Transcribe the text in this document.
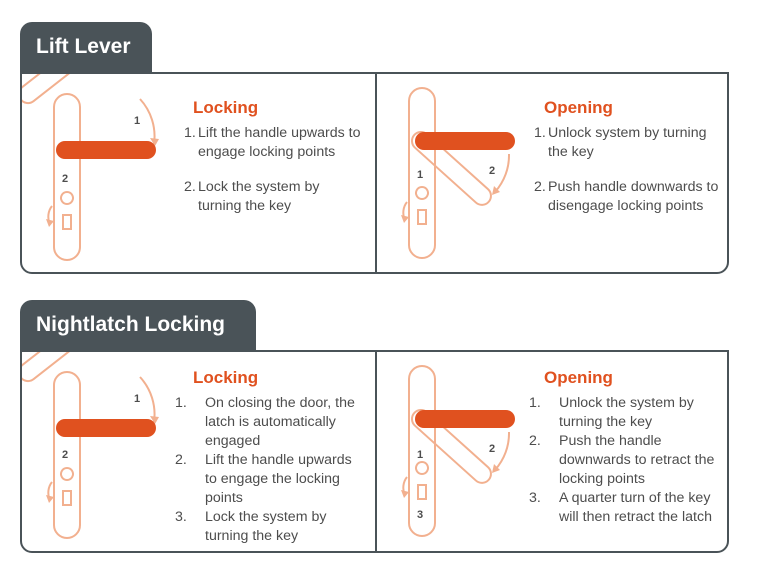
Lift Lever
1
2
Locking
1. Lift the handle upwards to engage locking points
2. Lock the system by turning the key
2
1
Opening
1. Unlock system by turning the key
2. Push handle downwards to disengage locking points
Nightlatch Locking
1
2
Locking
1.	On closing the door, the latch is automatically engaged
2.	Lift the handle upwards to engage the locking points
3.	Lock the system by turning the key
2
1
3
Opening
1.	Unlock the system by turning the key
2.	Push the handle downwards to retract the locking points
3.	A quarter turn of the key will then retract the latch
